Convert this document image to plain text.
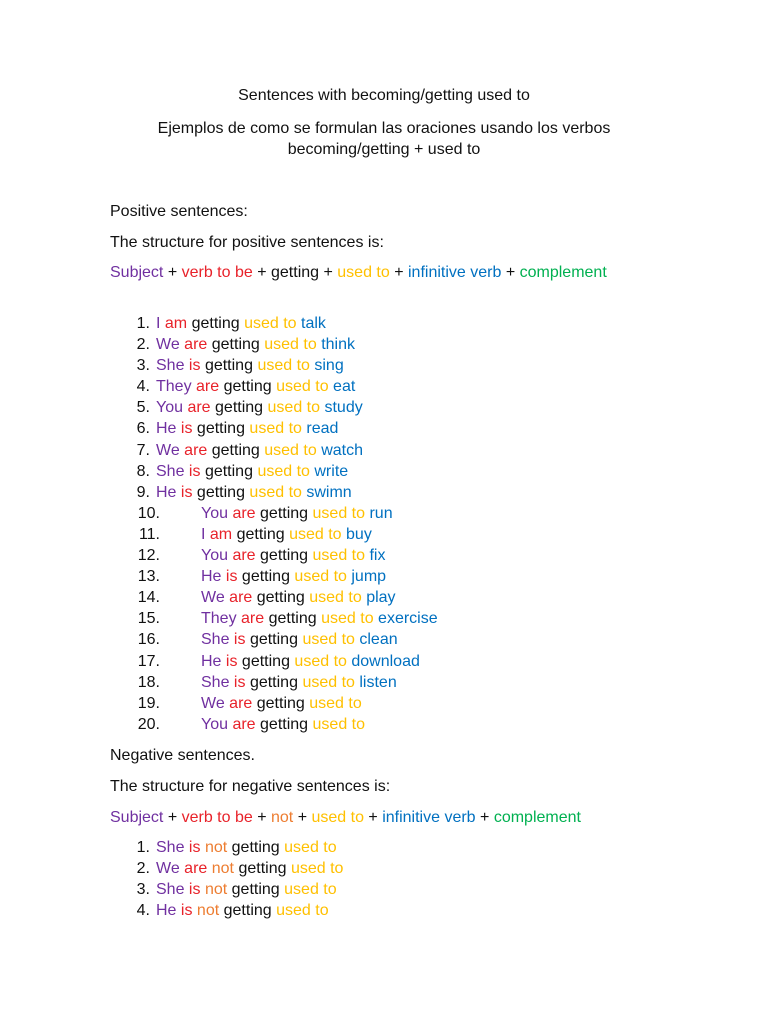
Sentences with becoming/getting used to
Ejemplos de como se formulan las oraciones usando los verbos
becoming/getting + used to
Positive sentences:
The structure for positive sentences is:
Subject + verb to be + getting + used to + infinitive verb + complement
1. I am getting used to talk
2. We are getting used to think
3. She is getting used to sing
4. They are getting used to eat
5. You are getting used to study
6. He is getting used to read
7. We are getting used to watch
8. She is getting used to write
9. He is getting used to swimn
10.	You are getting used to run
11.	I am getting used to buy
12.	You are getting used to fix
13.	He is getting used to jump
14.	We are getting used to play
15.	They are getting used to exercise
16.	She is getting used to clean
17.	He is getting used to download
18.	She is getting used to listen
19.	We are getting used to
20.	You are getting used to
Negative sentences.
The structure for negative sentences is:
Subject + verb to be + not + used to + infinitive verb + complement
1. She is not getting used to
2. We are not getting used to
3. She is not getting used to
4. He is not getting used to
